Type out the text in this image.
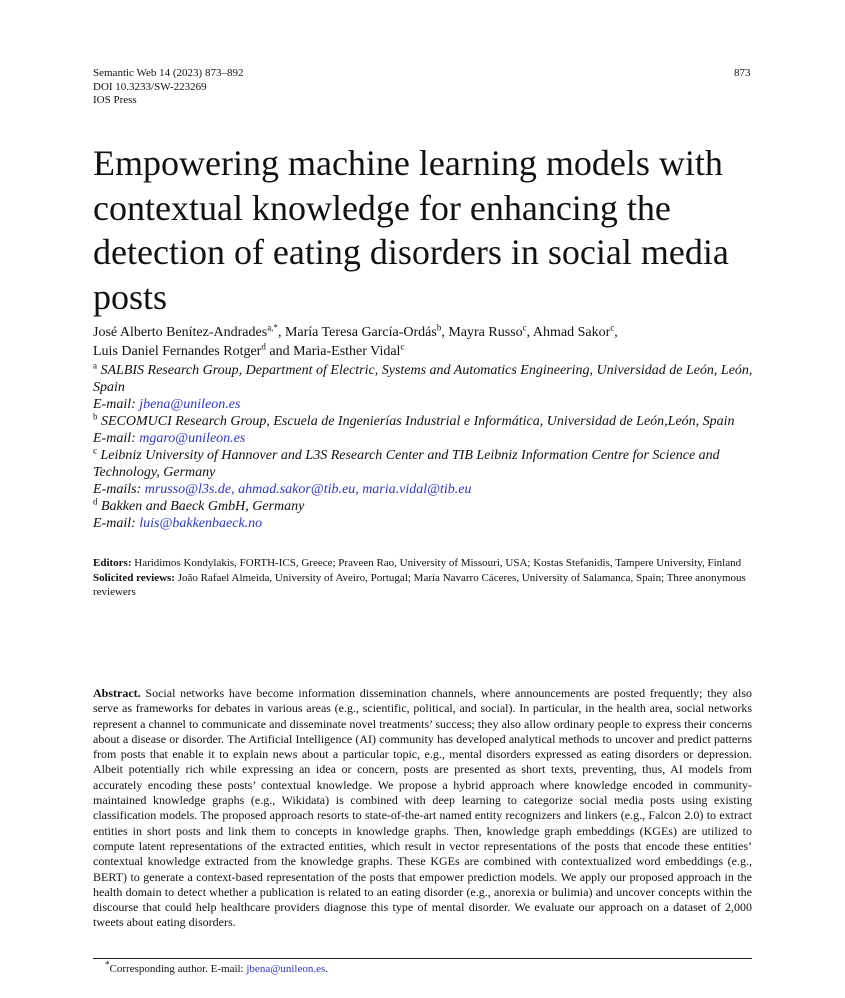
Semantic Web 14 (2023) 873–892
DOI 10.3233/SW-223269
IOS Press
873
Empowering machine learning models with contextual knowledge for enhancing the detection of eating disorders in social media posts
José Alberto Benítez-Andrades$^{a,*}$, María Teresa García-Ordás$^b$, Mayra Russo$^c$, Ahmad Sakor$^c$,
Luis Daniel Fernandes Rotger$^d$ and Maria-Esther Vidal$^c$
$^a$ SALBIS Research Group, Department of Electric, Systems and Automatics Engineering, Universidad de León, León, Spain
E-mail: jbena@unileon.es
$^b$ SECOMUCI Research Group, Escuela de Ingenierías Industrial e Informática, Universidad de León,León, Spain
E-mail: mgaro@unileon.es
$^c$ Leibniz University of Hannover and L3S Research Center and TIB Leibniz Information Centre for Science and Technology, Germany
E-mails: mrusso@l3s.de, ahmad.sakor@tib.eu, maria.vidal@tib.eu
$^d$ Bakken and Baeck GmbH, Germany
E-mail: luis@bakkenbaeck.no
Editors: Haridimos Kondylakis, FORTH-ICS, Greece; Praveen Rao, University of Missouri, USA; Kostas Stefanidis, Tampere University, Finland
Solicited reviews: João Rafael Almeida, University of Aveiro, Portugal; María Navarro Cáceres, University of Salamanca, Spain; Three anonymous reviewers

Abstract. Social networks have become information dissemination channels, where announcements are posted frequently; they also serve as frameworks for debates in various areas (e.g., scientific, political, and social). In particular, in the health area, social networks represent a channel to communicate and disseminate novel treatments’ success; they also allow ordinary people to express their concerns about a disease or disorder. The Artificial Intelligence (AI) community has developed analytical methods to uncover and predict patterns from posts that enable it to explain news about a particular topic, e.g., mental disorders expressed as eating disorders or depression. Albeit potentially rich while expressing an idea or concern, posts are presented as short texts, preventing, thus, AI models from accurately encoding these posts’ contextual knowledge. We propose a hybrid approach where knowledge encoded in community-maintained knowledge graphs (e.g., Wikidata) is combined with deep learning to categorize social media posts using existing classification models. The proposed approach resorts to state-of-the-art named entity recognizers and linkers (e.g., Falcon 2.0) to extract entities in short posts and link them to concepts in knowledge graphs. Then, knowledge graph embeddings (KGEs) are utilized to compute latent representations of the extracted entities, which result in vector representations of the posts that encode these entities’ contextual knowledge extracted from the knowledge graphs. These KGEs are combined with contextualized word embeddings (e.g., BERT) to generate a context-based representation of the posts that empower prediction models. We apply our proposed approach in the health domain to detect whether a publication is related to an eating disorder (e.g., anorexia or bulimia) and uncover concepts within the discourse that could help healthcare providers diagnose this type of mental disorder. We evaluate our approach on a dataset of 2,000 tweets about eating disorders.

*Corresponding author. E-mail: jbena@unileon.es.
